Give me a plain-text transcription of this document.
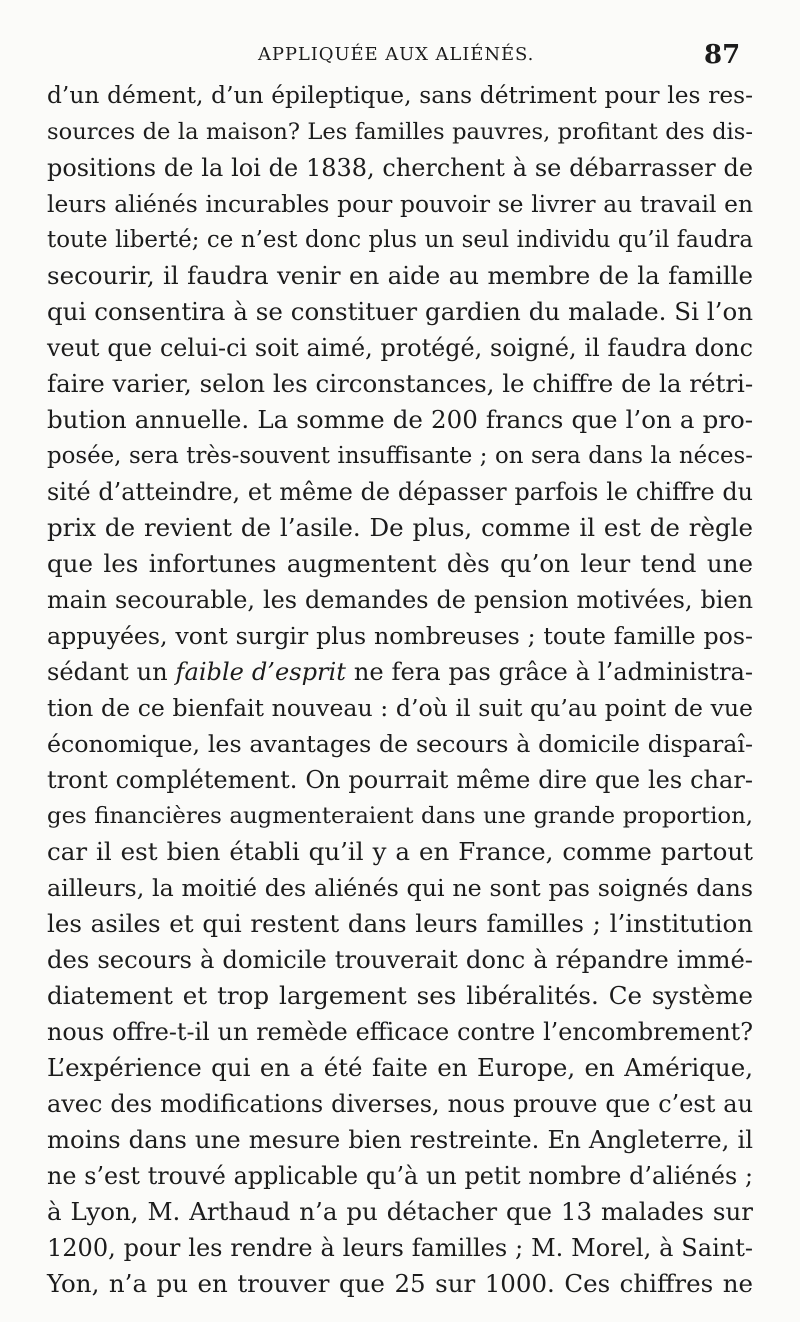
APPLIQUÉE AUX ALIÉNÉS.	87
d’un dément, d’un épileptique, sans détriment pour les res-
sources de la maison? Les familles pauvres, profitant des dis-
positions de la loi de 1838, cherchent à se débarrasser de
leurs aliénés incurables pour pouvoir se livrer au travail en
toute liberté; ce n’est donc plus un seul individu qu’il faudra
secourir, il faudra venir en aide au membre de la famille
qui consentira à se constituer gardien du malade. Si l’on
veut que celui-ci soit aimé, protégé, soigné, il faudra donc
faire varier, selon les circonstances, le chiffre de la rétri-
bution annuelle. La somme de 200 francs que l’on a pro-
posée, sera très-souvent insuffisante ; on sera dans la néces-
sité d’atteindre, et même de dépasser parfois le chiffre du
prix de revient de l’asile. De plus, comme il est de règle
que les infortunes augmentent dès qu’on leur tend une
main secourable, les demandes de pension motivées, bien
appuyées, vont surgir plus nombreuses ; toute famille pos-
sédant un faible d’esprit ne fera pas grâce à l’administra-
tion de ce bienfait nouveau : d’où il suit qu’au point de vue
économique, les avantages de secours à domicile disparaî-
tront complétement. On pourrait même dire que les char-
ges financières augmenteraient dans une grande proportion,
car il est bien établi qu’il y a en France, comme partout
ailleurs, la moitié des aliénés qui ne sont pas soignés dans
les asiles et qui restent dans leurs familles ; l’institution
des secours à domicile trouverait donc à répandre immé-
diatement et trop largement ses libéralités. Ce système
nous offre-t-il un remède efficace contre l’encombrement?
L’expérience qui en a été faite en Europe, en Amérique,
avec des modifications diverses, nous prouve que c’est au
moins dans une mesure bien restreinte. En Angleterre, il
ne s’est trouvé applicable qu’à un petit nombre d’aliénés ;
à Lyon, M. Arthaud n’a pu détacher que 13 malades sur
1200, pour les rendre à leurs familles ; M. Morel, à Saint-
Yon, n’a pu en trouver que 25 sur 1000. Ces chiffres ne
